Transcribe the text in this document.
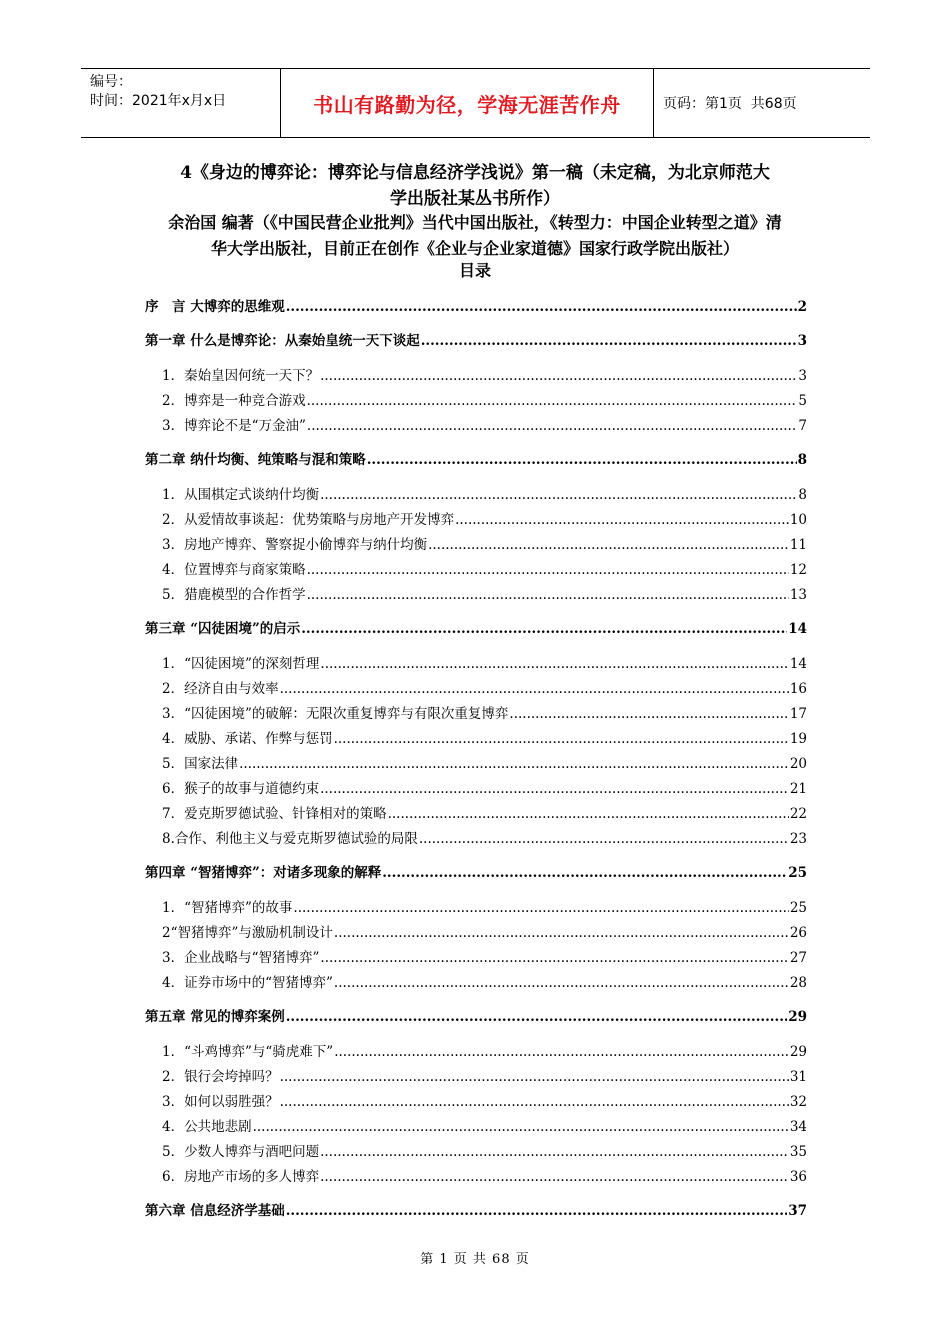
编号：
时间：2021年x月x日	书山有路勤为径，学海无涯苦作舟	页码：第1页  共68页
4《身边的博弈论：博弈论与信息经济学浅说》第一稿（未定稿，为北京师范大
学出版社某丛书所作）
余治国 编著（《中国民营企业批判》当代中国出版社，《转型力：中国企业转型之道》清
华大学出版社，目前正在创作《企业与企业家道德》国家行政学院出版社）
目录
序　言 大博弈的思维观 .....	2
第一章 什么是博弈论：从秦始皇统一天下谈起 .....	3
1．秦始皇因何统一天下？ .....	3
2．博弈是一种竞合游戏 .....	5
3．博弈论不是“万金油” .....	7
第二章 纳什均衡、纯策略与混和策略 .....	8
1．从围棋定式谈纳什均衡 .....	8
2．从爱情故事谈起：优势策略与房地产开发博弈 .....	10
3．房地产博弈、警察捉小偷博弈与纳什均衡 .....	11
4．位置博弈与商家策略 .....	12
5．猎鹿模型的合作哲学 .....	13
第三章 “囚徒困境”的启示 .....	14
1．“囚徒困境”的深刻哲理 .....	14
2．经济自由与效率 .....	16
3．“囚徒困境”的破解：无限次重复博弈与有限次重复博弈 .....	17
4．威胁、承诺、作弊与惩罚 .....	19
5．国家法律 .....	20
6．猴子的故事与道德约束 .....	21
7．爱克斯罗德试验、针锋相对的策略 .....	22
8.合作、利他主义与爱克斯罗德试验的局限 .....	23
第四章 “智猪博弈”：对诸多现象的解释 .....	25
1．“智猪博弈”的故事 .....	25
2“智猪博弈”与激励机制设计 .....	26
3．企业战略与“智猪博弈” .....	27
4．证券市场中的“智猪博弈” .....	28
第五章 常见的博弈案例 .....	29
1．“斗鸡博弈”与“骑虎难下” .....	29
2．银行会垮掉吗？ .....	31
3．如何以弱胜强？ .....	32
4．公共地悲剧 .....	34
5．少数人博弈与酒吧问题 .....	35
6．房地产市场的多人博弈 .....	36
第六章 信息经济学基础 .....	37
第 1 页 共 68 页
